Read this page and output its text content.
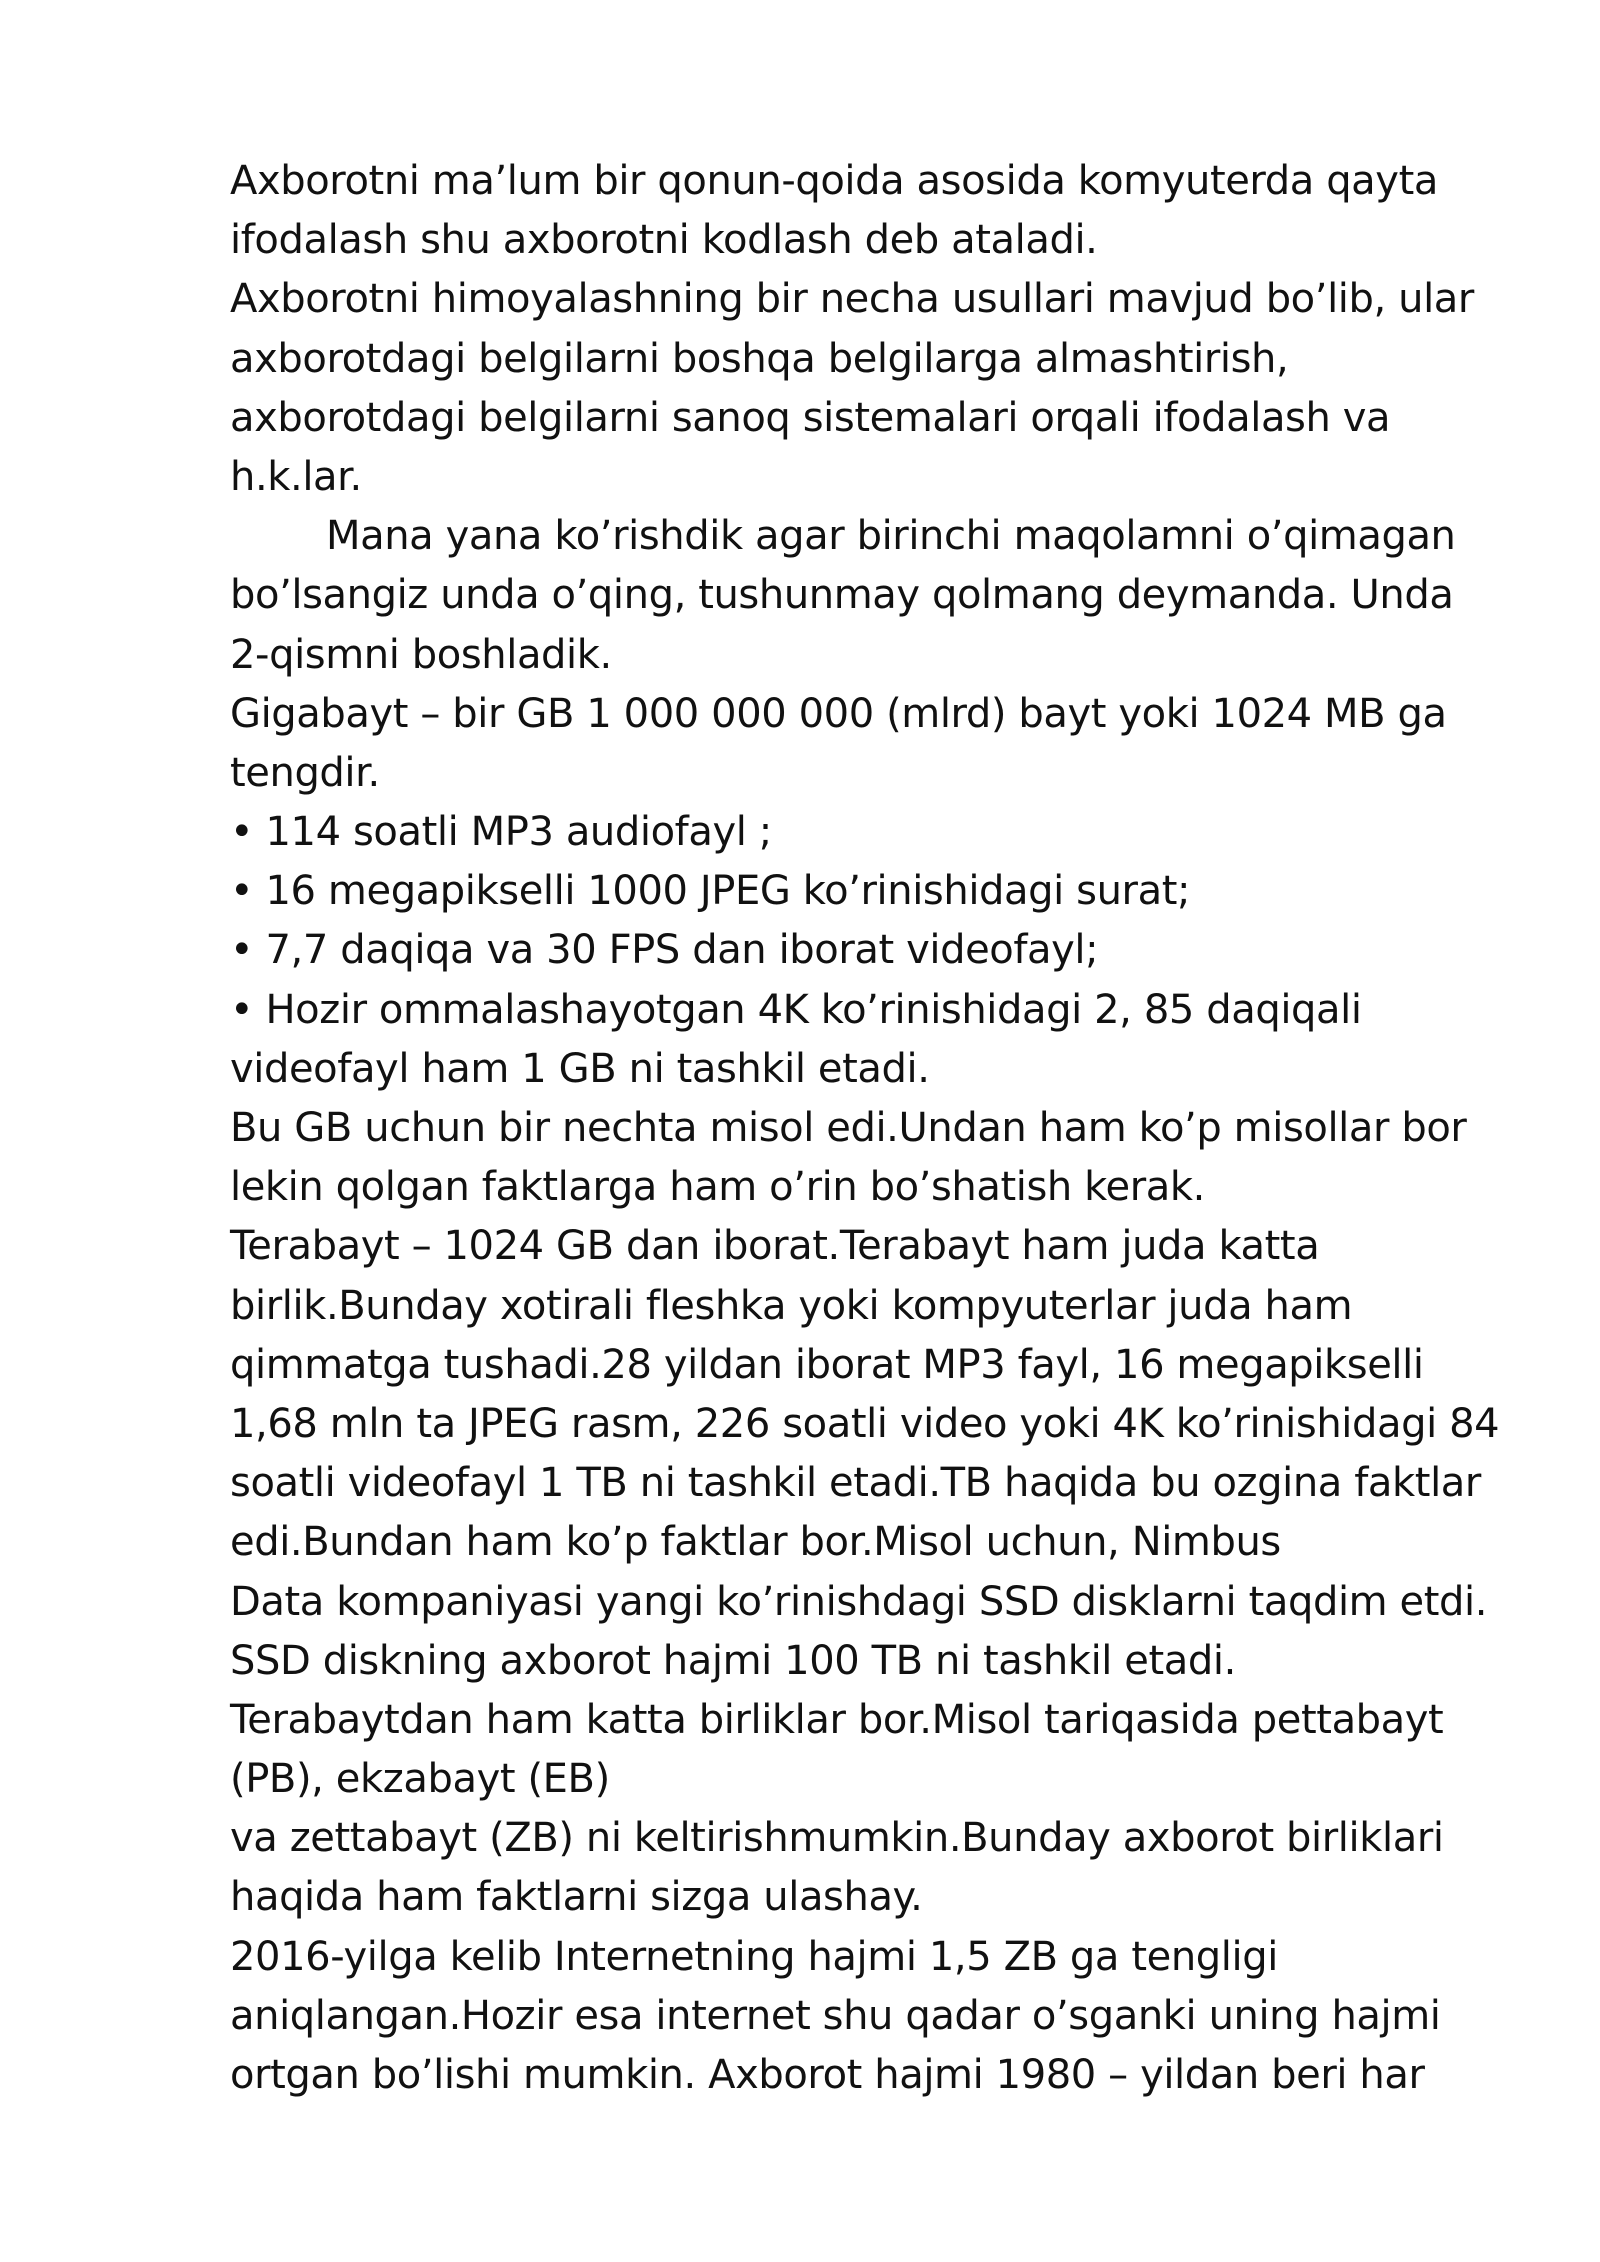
Axborotni ma’lum bir qonun-qoida asosida komyuterda qayta
ifodalash shu axborotni kodlash deb ataladi.
Axborotni himoyalashning bir necha usullari mavjud bo’lib, ular
axborotdagi belgilarni boshqa belgilarga almashtirish,
axborotdagi belgilarni sanoq sistemalari orqali ifodalash va
h.k.lar.
Mana yana ko’rishdik agar birinchi maqolamni o’qimagan
bo’lsangiz unda o’qing, tushunmay qolmang deymanda. Unda
2-qismni boshladik.
Gigabayt – bir GB 1 000 000 000 (mlrd) bayt yoki 1024 MB ga
tengdir.
• 114 soatli MP3 audiofayl ;
• 16 megapikselli 1000 JPEG ko’rinishidagi surat;
• 7,7 daqiqa va 30 FPS dan iborat videofayl;
• Hozir ommalashayotgan 4K ko’rinishidagi 2, 85 daqiqali
videofayl ham 1 GB ni tashkil etadi.
Bu GB uchun bir nechta misol edi.Undan ham ko’p misollar bor
lekin qolgan faktlarga ham o’rin bo’shatish kerak.
Terabayt – 1024 GB dan iborat.Terabayt ham juda katta
birlik.Bunday xotirali fleshka yoki kompyuterlar juda ham
qimmatga tushadi.28 yildan iborat MP3 fayl, 16 megapikselli
1,68 mln ta JPEG rasm, 226 soatli video yoki 4K ko’rinishidagi 84
soatli videofayl 1 TB ni tashkil etadi.TB haqida bu ozgina faktlar
edi.Bundan ham ko’p faktlar bor.Misol uchun, Nimbus
Data kompaniyasi yangi ko’rinishdagi SSD disklarni taqdim etdi.
SSD diskning axborot hajmi 100 TB ni tashkil etadi.
Terabaytdan ham katta birliklar bor.Misol tariqasida pettabayt
(PB), ekzabayt (EB)
va zettabayt (ZB) ni keltirishmumkin.Bunday axborot birliklari
haqida ham faktlarni sizga ulashay.
2016-yilga kelib Internetning hajmi 1,5 ZB ga tengligi
aniqlangan.Hozir esa internet shu qadar o’sganki uning hajmi
ortgan bo’lishi mumkin. Axborot hajmi 1980 – yildan beri har
